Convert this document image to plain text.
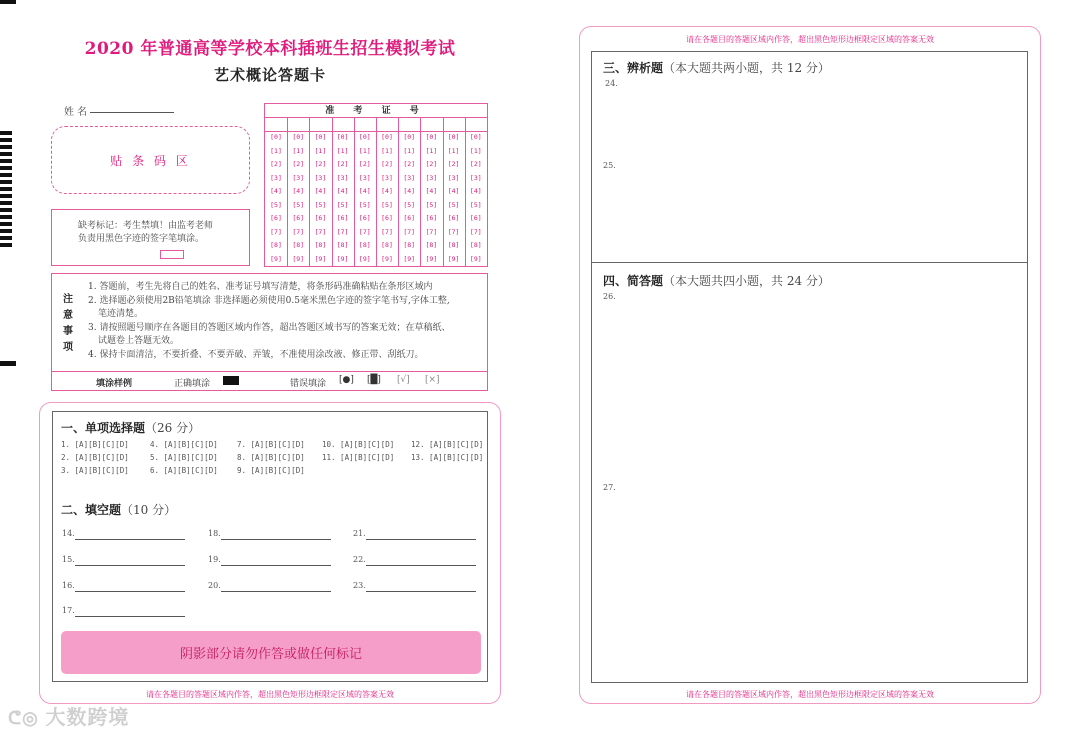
2020 年普通高等学校本科插班生招生模拟考试
艺术概论答题卡
姓 名
贴 条 码 区
缺考标记：考生禁填！由监考老师
负责用黑色字迹的签字笔填涂。
准 考 证 号
[0]
[1]
[2]
[3]
[4]
[5]
[6]
[7]
[8]
[9]
[0]
[1]
[2]
[3]
[4]
[5]
[6]
[7]
[8]
[9]
[0]
[1]
[2]
[3]
[4]
[5]
[6]
[7]
[8]
[9]
[0]
[1]
[2]
[3]
[4]
[5]
[6]
[7]
[8]
[9]
[0]
[1]
[2]
[3]
[4]
[5]
[6]
[7]
[8]
[9]
[0]
[1]
[2]
[3]
[4]
[5]
[6]
[7]
[8]
[9]
[0]
[1]
[2]
[3]
[4]
[5]
[6]
[7]
[8]
[9]
[0]
[1]
[2]
[3]
[4]
[5]
[6]
[7]
[8]
[9]
[0]
[1]
[2]
[3]
[4]
[5]
[6]
[7]
[8]
[9]
[0]
[1]
[2]
[3]
[4]
[5]
[6]
[7]
[8]
[9]
注
意
事
项
1. 答题前，考生先将自己的姓名、准考证号填写清楚，将条形码准确粘贴在条形区域内
2. 选择题必须使用2B铅笔填涂 非选择题必须使用0.5毫米黑色字迹的签字笔书写,字体工整,
笔迹清楚。
3. 请按照题号顺序在各题目的答题区域内作答，超出答题区域书写的答案无效；在草稿纸、
试题卷上答题无效。
4. 保持卡面清洁，不要折叠、不要弄破、弄皱，不准使用涂改液、修正带、刮纸刀。
填涂样例	正确填涂	错误填涂 [●] [█] [√] [×]
一、单项选择题（26 分）
1. [A][B][C][D]
2. [A][B][C][D]
3. [A][B][C][D]
4. [A][B][C][D]
5. [A][B][C][D]
6. [A][B][C][D]
7. [A][B][C][D]
8. [A][B][C][D]
9. [A][B][C][D]
10. [A][B][C][D]
11. [A][B][C][D]
12. [A][B][C][D]
13. [A][B][C][D]
二、填空题（10 分）
14.
15.
16.
17.
18.
19.
20.
21.
22.
23.
阴影部分请勿作答或做任何标记
请在各题目的答题区域内作答，超出黑色矩形边框限定区域的答案无效
请在各题目的答题区域内作答，超出黑色矩形边框限定区域的答案无效
三、辨析题（本大题共两小题，共 12 分）
24.
25.
四、简答题（本大题共四小题，共 24 分）
26.
27.
请在各题目的答题区域内作答，超出黑色矩形边框限定区域的答案无效
ᕦ◎ 大数跨境
